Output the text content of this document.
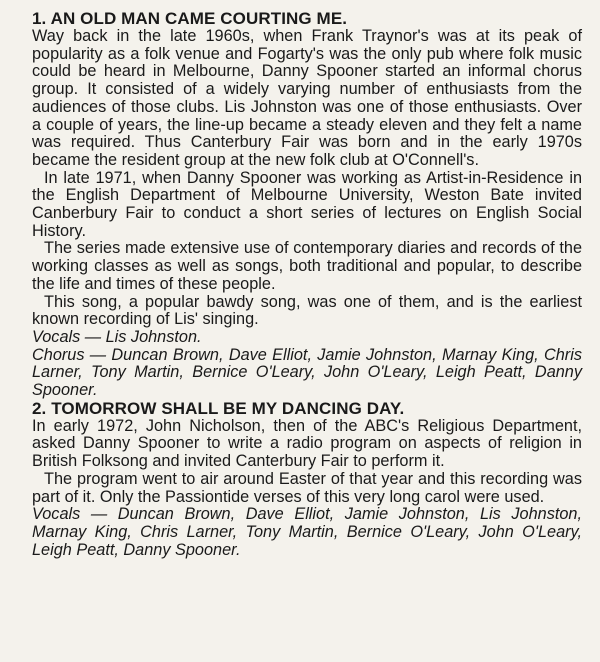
1. AN OLD MAN CAME COURTING ME.

Way back in the late 1960s, when Frank Traynor's was at its peak of popularity as a folk venue and Fogarty's was the only pub where folk music could be heard in Melbourne, Danny Spooner started an informal chorus group. It consisted of a widely varying number of enthusiasts from the audiences of those clubs. Lis Johnston was one of those enthusiasts. Over a couple of years, the line-up became a steady eleven and they felt a name was required. Thus Canterbury Fair was born and in the early 1970s became the resident group at the new folk club at O'Connell's.

In late 1971, when Danny Spooner was working as Artist-in-Residence in the English Department of Melbourne University, Weston Bate invited Canberbury Fair to conduct a short series of lectures on English Social History.

The series made extensive use of contemporary diaries and records of the working classes as well as songs, both traditional and popular, to describe the life and times of these people.

This song, a popular bawdy song, was one of them, and is the earliest known recording of Lis' singing.

Vocals — Lis Johnston.

Chorus — Duncan Brown, Dave Elliot, Jamie Johnston, Marnay King, Chris Larner, Tony Martin, Bernice O'Leary, John O'Leary, Leigh Peatt, Danny Spooner.

2. TOMORROW SHALL BE MY DANCING DAY.

In early 1972, John Nicholson, then of the ABC's Religious Department, asked Danny Spooner to write a radio program on aspects of religion in British Folksong and invited Canterbury Fair to perform it.

The program went to air around Easter of that year and this recording was part of it. Only the Passiontide verses of this very long carol were used.

Vocals — Duncan Brown, Dave Elliot, Jamie Johnston, Lis Johnston, Marnay King, Chris Larner, Tony Martin, Bernice O'Leary, John O'Leary, Leigh Peatt, Danny Spooner.
